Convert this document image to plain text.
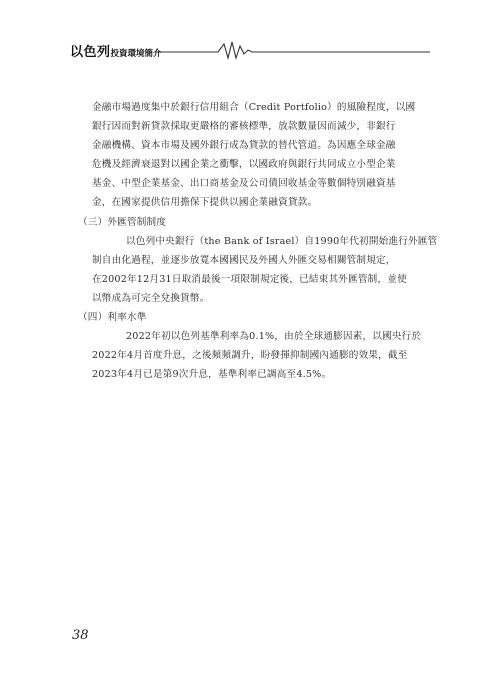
以色列投資環境簡介
金融市場過度集中於銀行信用組合（Credit Portfolio）的風險程度，以國
銀行因而對新貸款採取更嚴格的審核標準，放款數量因而減少，非銀行
金融機構、資本市場及國外銀行成為貸款的替代管道。為因應全球金融
危機及經濟衰退對以國企業之衝擊，以國政府與銀行共同成立小型企業
基金、中型企業基金、出口商基金及公司債回收基金等數個特別融資基
金，在國家提供信用擔保下提供以國企業融資貸款。
（三）外匯管制制度
以色列中央銀行（the Bank of Israel）自1990年代初開始進行外匯管
制自由化過程，並逐步放寬本國國民及外國人外匯交易相關管制規定，
在2002年12月31日取消最後一項限制規定後，已結束其外匯管制，並使
以幣成為可完全兌換貨幣。
（四）利率水準
2022年初以色列基準利率為0.1%，由於全球通膨因素，以國央行於
2022年4月首度升息，之後頻頻調升，盼發揮抑制國內通膨的效果，截至
2023年4月已是第9次升息，基準利率已調高至4.5%。
38
